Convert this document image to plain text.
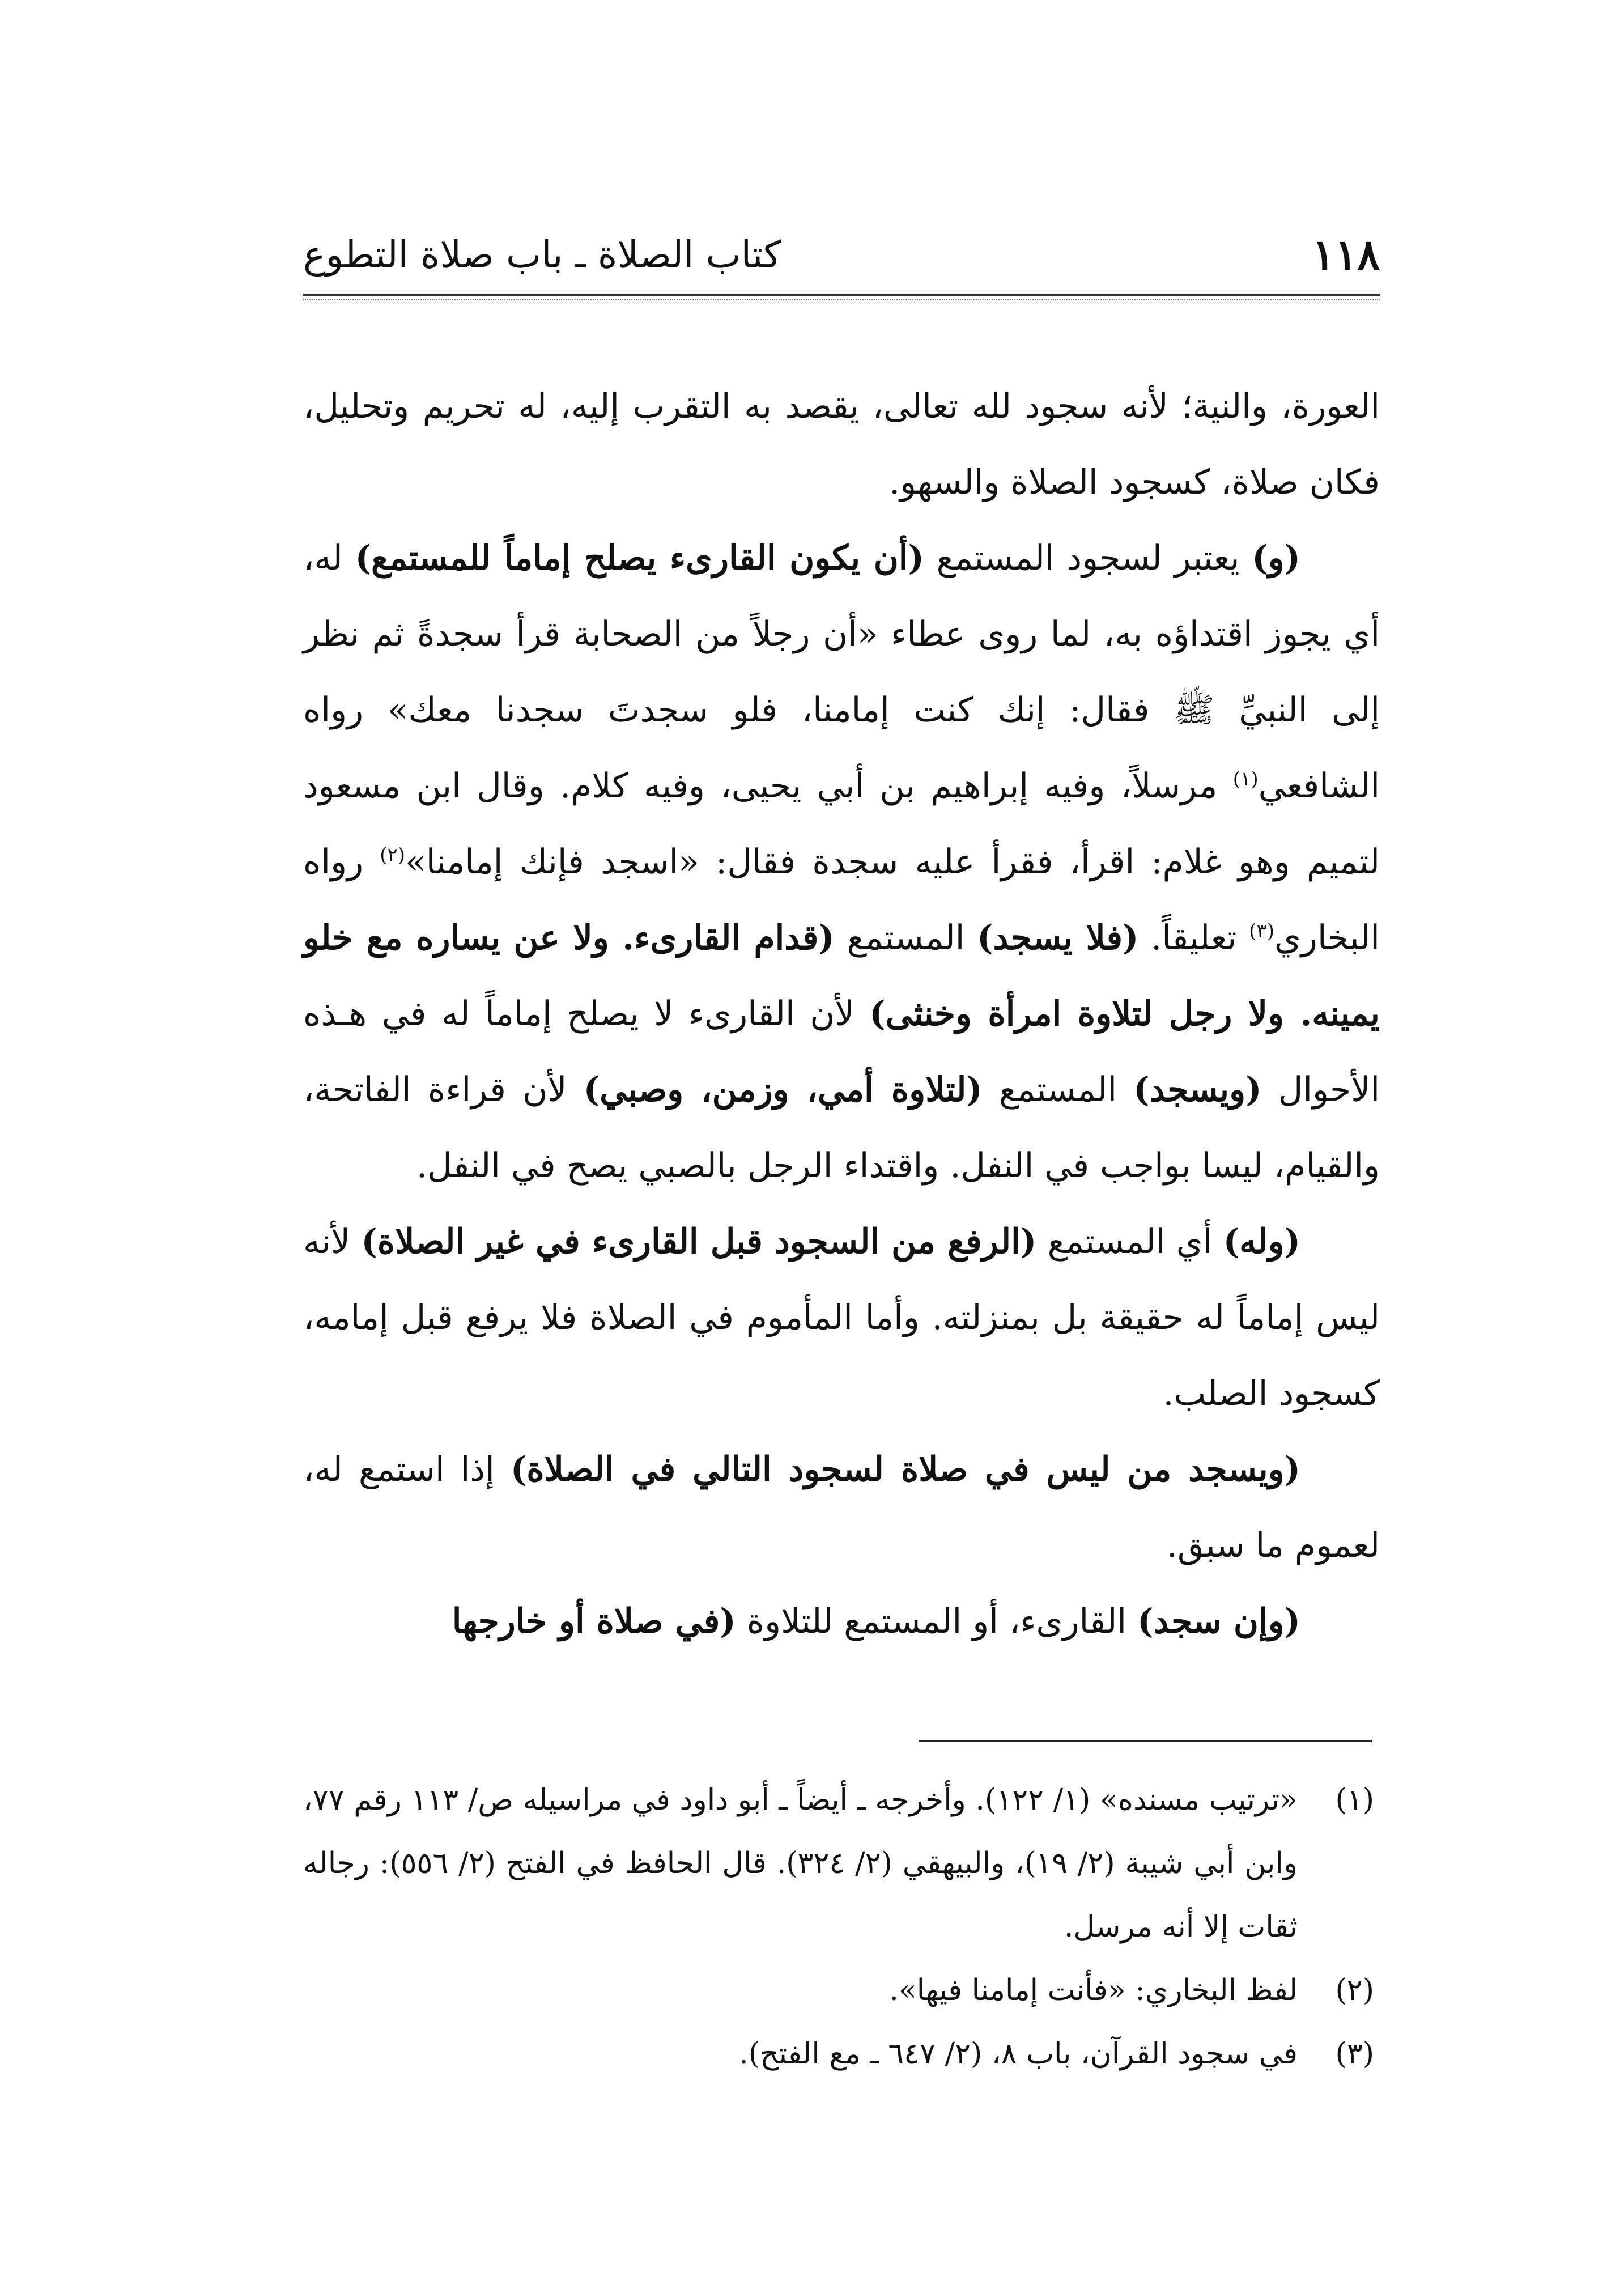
١١٨
كتاب الصلاة ـ باب صلاة التطوع

العورة، والنية؛ لأنه سجود لله تعالى، يقصد به التقرب إليه، له تحريم وتحليل، فكان صلاة، كسجود الصلاة والسهو.

(و) يعتبر لسجود المستمع (أن يكون القارىء يصلح إماماً للمستمع) له، أي يجوز اقتداؤه به، لما روى عطاء «أن رجلاً من الصحابة قرأ سجدةً ثم نظر إلى النبيِّ ﷺ فقال: إنك كنت إمامنا، فلو سجدتَ سجدنا معك» رواه الشافعي$^{(١)}$ مرسلاً، وفيه إبراهيم بن أبي يحيى، وفيه كلام. وقال ابن مسعود لتميم وهو غلام: اقرأ، فقرأ عليه سجدة فقال: «اسجد فإنك إمامنا»$^{(٢)}$ رواه البخاري$^{(٣)}$ تعليقاً. (فلا يسجد) المستمع (قدام القارىء. ولا عن يساره مع خلو يمينه. ولا رجل لتلاوة امرأة وخنثى) لأن القارىء لا يصلح إماماً له في هـذه الأحوال (ويسجد) المستمع (لتلاوة أمي، وزمن، وصبي) لأن قراءة الفاتحة، والقيام، ليسا بواجب في النفل. واقتداء الرجل بالصبي يصح في النفل.

(وله) أي المستمع (الرفع من السجود قبل القارىء في غير الصلاة) لأنه ليس إماماً له حقيقة بل بمنزلته. وأما المأموم في الصلاة فلا يرفع قبل إمامه، كسجود الصلب.

(ويسجد من ليس في صلاة لسجود التالي في الصلاة) إذا استمع له، لعموم ما سبق.

(وإن سجد) القارىء، أو المستمع للتلاوة (في صلاة أو خارجها

(١)
«ترتيب مسنده» (١/ ١٢٢). وأخرجه ـ أيضاً ـ أبو داود في مراسيله ص/ ١١٣ رقم ٧٧، وابن أبي شيبة (٢/ ١٩)، والبيهقي (٢/ ٣٢٤). قال الحافظ في الفتح (٢/ ٥٥٦): رجاله ثقات إلا أنه مرسل.
(٢)
لفظ البخاري: «فأنت إمامنا فيها».
(٣)
في سجود القرآن، باب ٨، (٢/ ٦٤٧ ـ مع الفتح).
